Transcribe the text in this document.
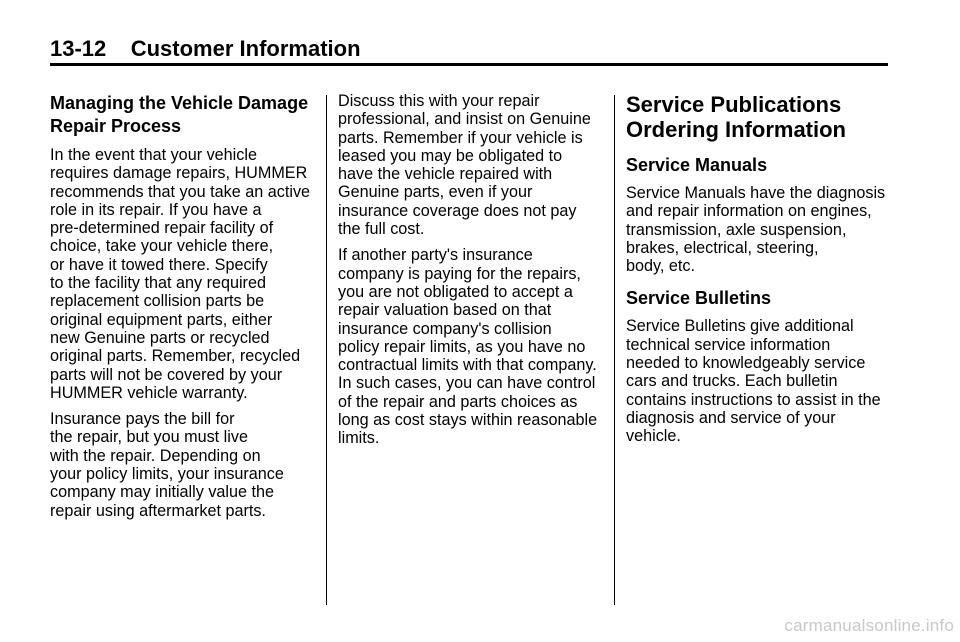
13-12 Customer Information
Managing the Vehicle Damage
Repair Process
In the event that your vehicle
requires damage repairs, HUMMER
recommends that you take an active
role in its repair. If you have a
pre-determined repair facility of
choice, take your vehicle there,
or have it towed there. Specify
to the facility that any required
replacement collision parts be
original equipment parts, either
new Genuine parts or recycled
original parts. Remember, recycled
parts will not be covered by your
HUMMER vehicle warranty.
Insurance pays the bill for
the repair, but you must live
with the repair. Depending on
your policy limits, your insurance
company may initially value the
repair using aftermarket parts.
Discuss this with your repair
professional, and insist on Genuine
parts. Remember if your vehicle is
leased you may be obligated to
have the vehicle repaired with
Genuine parts, even if your
insurance coverage does not pay
the full cost.
If another party's insurance
company is paying for the repairs,
you are not obligated to accept a
repair valuation based on that
insurance company's collision
policy repair limits, as you have no
contractual limits with that company.
In such cases, you can have control
of the repair and parts choices as
long as cost stays within reasonable
limits.
Service Publications
Ordering Information
Service Manuals
Service Manuals have the diagnosis
and repair information on engines,
transmission, axle suspension,
brakes, electrical, steering,
body, etc.
Service Bulletins
Service Bulletins give additional
technical service information
needed to knowledgeably service
cars and trucks. Each bulletin
contains instructions to assist in the
diagnosis and service of your
vehicle.
carmanualsonline.info
